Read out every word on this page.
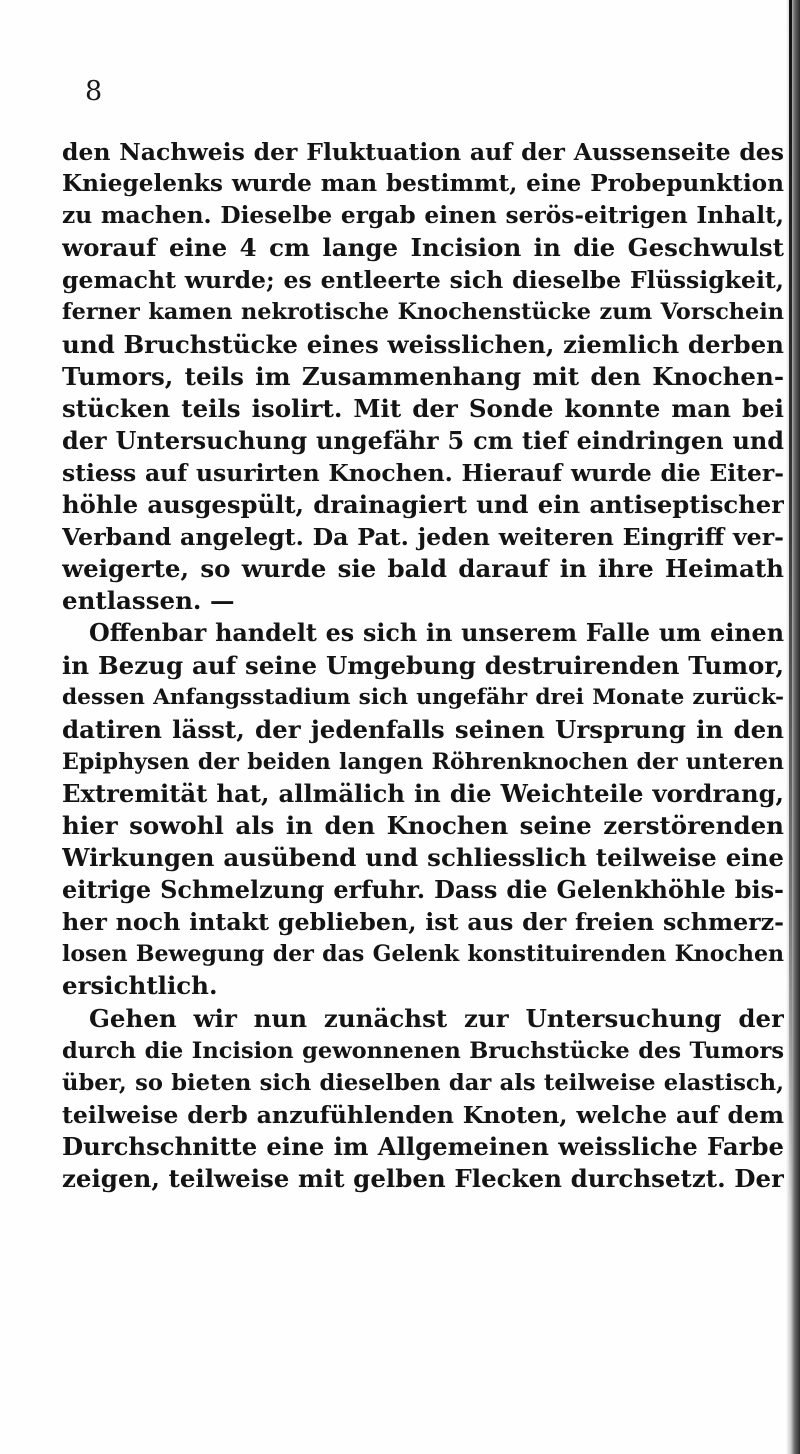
8

den Nachweis der Fluktuation auf der Aussenseite des
Kniegelenks wurde man bestimmt, eine Probepunktion
zu machen. Dieselbe ergab einen serös-eitrigen Inhalt,
worauf eine 4 cm lange Incision in die Geschwulst
gemacht wurde; es entleerte sich dieselbe Flüssigkeit,
ferner kamen nekrotische Knochenstücke zum Vorschein
und Bruchstücke eines weisslichen, ziemlich derben
Tumors, teils im Zusammenhang mit den Knochen-
stücken teils isolirt. Mit der Sonde konnte man bei
der Untersuchung ungefähr 5 cm tief eindringen und
stiess auf usurirten Knochen. Hierauf wurde die Eiter-
höhle ausgespült, drainagiert und ein antiseptischer
Verband angelegt. Da Pat. jeden weiteren Eingriff ver-
weigerte, so wurde sie bald darauf in ihre Heimath
entlassen. —
Offenbar handelt es sich in unserem Falle um einen
in Bezug auf seine Umgebung destruirenden Tumor,
dessen Anfangsstadium sich ungefähr drei Monate zurück-
datiren lässt, der jedenfalls seinen Ursprung in den
Epiphysen der beiden langen Röhrenknochen der unteren
Extremität hat, allmälich in die Weichteile vordrang,
hier sowohl als in den Knochen seine zerstörenden
Wirkungen ausübend und schliesslich teilweise eine
eitrige Schmelzung erfuhr. Dass die Gelenkhöhle bis-
her noch intakt geblieben, ist aus der freien schmerz-
losen Bewegung der das Gelenk konstituirenden Knochen
ersichtlich.
Gehen wir nun zunächst zur Untersuchung der
durch die Incision gewonnenen Bruchstücke des Tumors
über, so bieten sich dieselben dar als teilweise elastisch,
teilweise derb anzufühlenden Knoten, welche auf dem
Durchschnitte eine im Allgemeinen weissliche Farbe
zeigen, teilweise mit gelben Flecken durchsetzt. Der
